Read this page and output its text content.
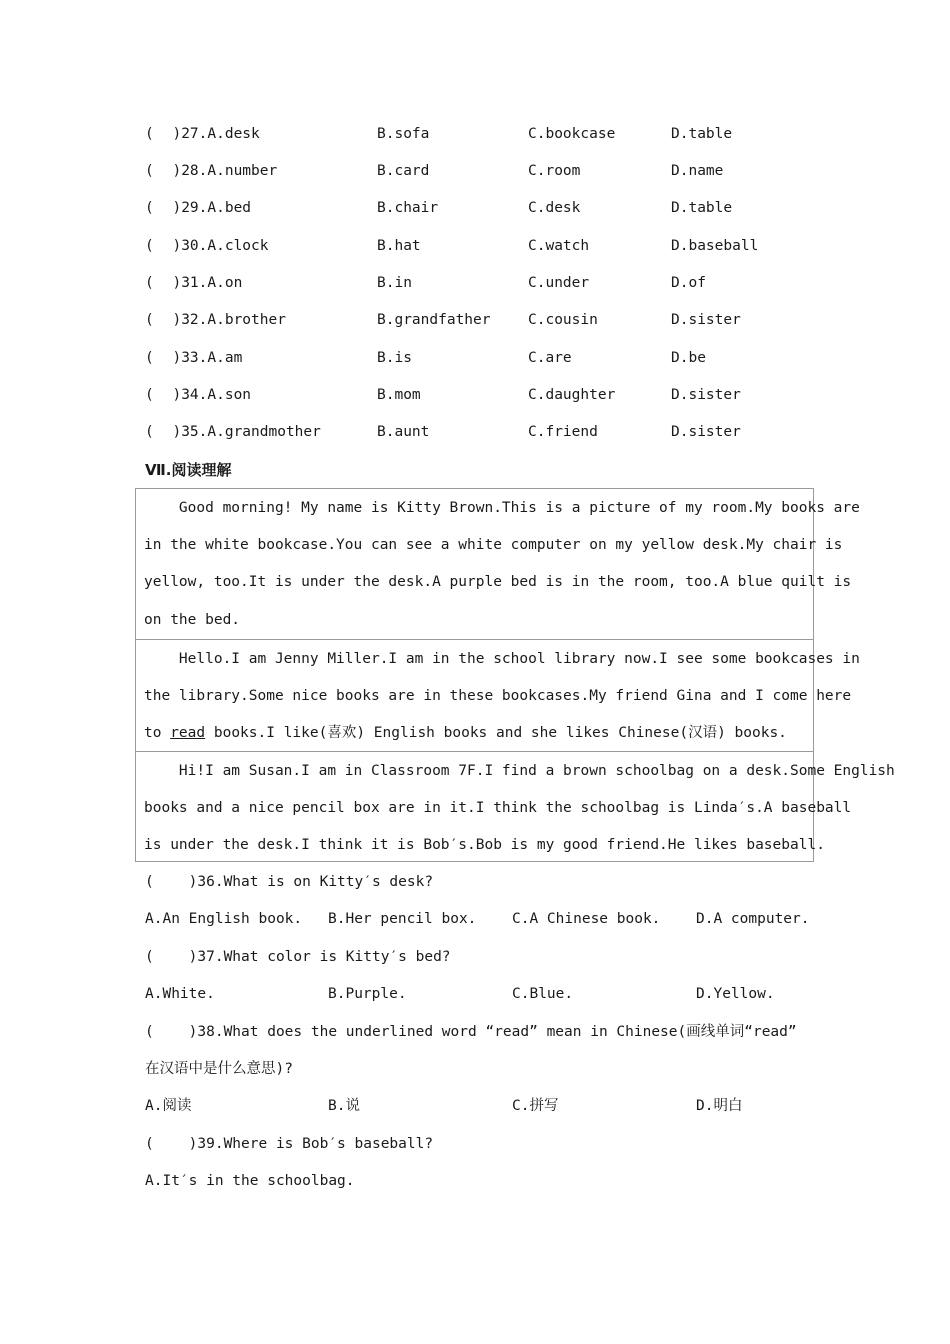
( )27.A.desk	B.sofa	C.bookcase	D.table
( )28.A.number	B.card	C.room	D.name
( )29.A.bed	B.chair	C.desk	D.table
( )30.A.clock	B.hat	C.watch	D.baseball
( )31.A.on	B.in	C.under	D.of
( )32.A.brother	B.grandfather	C.cousin	D.sister
( )33.A.am	B.is	C.are	D.be
( )34.A.son	B.mom	C.daughter	D.sister
( )35.A.grandmother	B.aunt	C.friend	D.sister
Ⅶ.阅读理解
Good morning! My name is Kitty Brown.This is a picture of my room.My books are
in the white bookcase.You can see a white computer on my yellow desk.My chair is
yellow, too.It is under the desk.A purple bed is in the room, too.A blue quilt is
on the bed.
Hello.I am Jenny Miller.I am in the school library now.I see some bookcases in
the library.Some nice books are in these bookcases.My friend Gina and I come here
to read books.I like(喜欢) English books and she likes Chinese(汉语) books.
Hi!I am Susan.I am in Classroom 7F.I find a brown schoolbag on a desk.Some English
books and a nice pencil box are in it.I think the schoolbag is Linda′s.A baseball
is under the desk.I think it is Bob′s.Bob is my good friend.He likes baseball.
(    )36.What is on Kitty′s desk?
A.An English book. B.Her pencil box. C.A Chinese book. D.A computer.
(    )37.What color is Kitty′s bed?
A.White.	B.Purple.	C.Blue.	D.Yellow.
(    )38.What does the underlined word “read” mean in Chinese(画线单词“read”
在汉语中是什么意思)?
A.阅读	B.说	C.拼写	D.明白
(    )39.Where is Bob′s baseball?
A.It′s in the schoolbag.
